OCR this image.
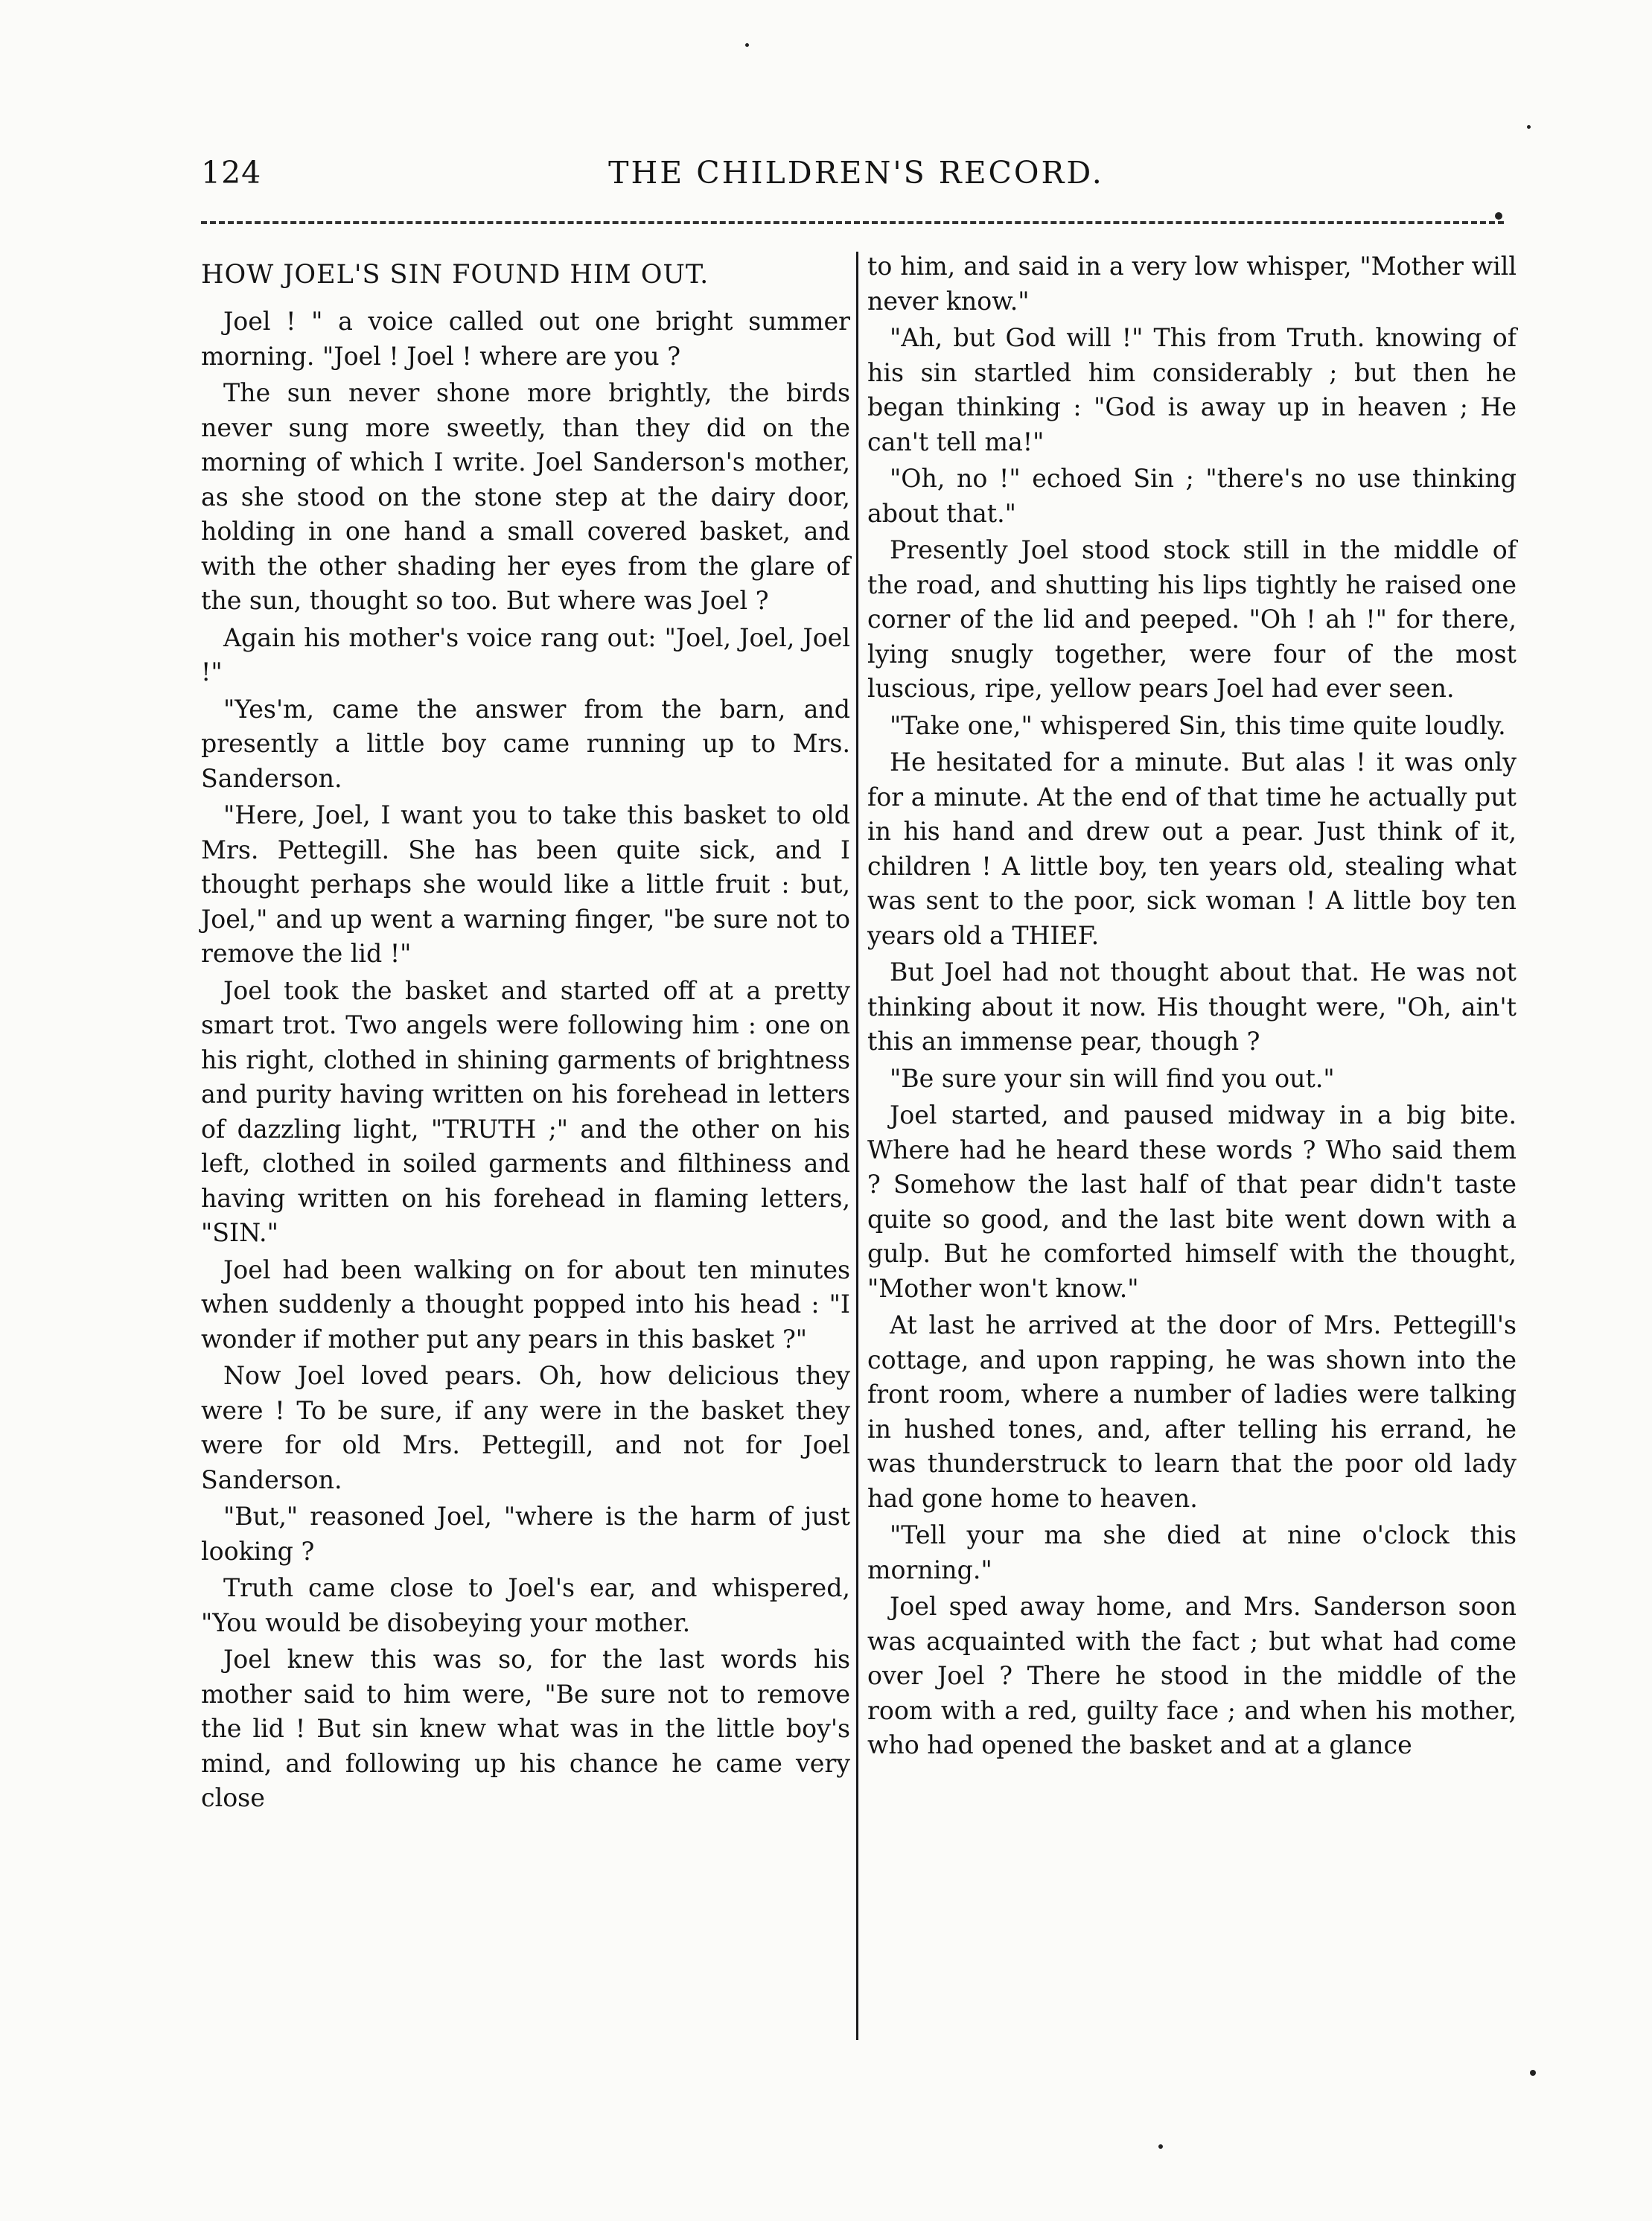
124	THE CHILDREN'S RECORD.
HOW JOEL'S SIN FOUND HIM OUT.

Joel ! " a voice called out one bright summer morning. "Joel ! Joel ! where are you ?

The sun never shone more brightly, the birds never sung more sweetly, than they did on the morning of which I write. Joel Sanderson's mother, as she stood on the stone step at the dairy door, holding in one hand a small covered basket, and with the other shading her eyes from the glare of the sun, thought so too. But where was Joel ?

Again his mother's voice rang out: "Joel, Joel, Joel !"

"Yes'm, came the answer from the barn, and presently a little boy came running up to Mrs. Sanderson.

"Here, Joel, I want you to take this basket to old Mrs. Pettegill. She has been quite sick, and I thought perhaps she would like a little fruit : but, Joel," and up went a warning finger, "be sure not to remove the lid !"

Joel took the basket and started off at a pretty smart trot. Two angels were following him : one on his right, clothed in shining garments of brightness and purity having written on his forehead in letters of dazzling light, "TRUTH ;" and the other on his left, clothed in soiled garments and filthiness and having written on his forehead in flaming letters, "SIN."

Joel had been walking on for about ten minutes when suddenly a thought popped into his head : "I wonder if mother put any pears in this basket ?"

Now Joel loved pears. Oh, how delicious they were ! To be sure, if any were in the basket they were for old Mrs. Pettegill, and not for Joel Sanderson.

"But," reasoned Joel, "where is the harm of just looking ?

Truth came close to Joel's ear, and whispered, "You would be disobeying your mother.

Joel knew this was so, for the last words his mother said to him were, "Be sure not to remove the lid ! But sin knew what was in the little boy's mind, and following up his chance he came very close

to him, and said in a very low whisper, "Mother will never know."

"Ah, but God will !" This from Truth. knowing of his sin startled him considerably ; but then he began thinking : "God is away up in heaven ; He can't tell ma!"

"Oh, no !" echoed Sin ; "there's no use thinking about that."

Presently Joel stood stock still in the middle of the road, and shutting his lips tightly he raised one corner of the lid and peeped. "Oh ! ah !" for there, lying snugly together, were four of the most luscious, ripe, yellow pears Joel had ever seen.

"Take one," whispered Sin, this time quite loudly.

He hesitated for a minute. But alas ! it was only for a minute. At the end of that time he actually put in his hand and drew out a pear. Just think of it, children ! A little boy, ten years old, stealing what was sent to the poor, sick woman ! A little boy ten years old a THIEF.

But Joel had not thought about that. He was not thinking about it now. His thought were, "Oh, ain't this an immense pear, though ?

"Be sure your sin will find you out."

Joel started, and paused midway in a big bite. Where had he heard these words ? Who said them ? Somehow the last half of that pear didn't taste quite so good, and the last bite went down with a gulp. But he comforted himself with the thought, "Mother won't know."

At last he arrived at the door of Mrs. Pettegill's cottage, and upon rapping, he was shown into the front room, where a number of ladies were talking in hushed tones, and, after telling his errand, he was thunderstruck to learn that the poor old lady had gone home to heaven.

"Tell your ma she died at nine o'clock this morning."

Joel sped away home, and Mrs. Sanderson soon was acquainted with the fact ; but what had come over Joel ? There he stood in the middle of the room with a red, guilty face ; and when his mother, who had opened the basket and at a glance
